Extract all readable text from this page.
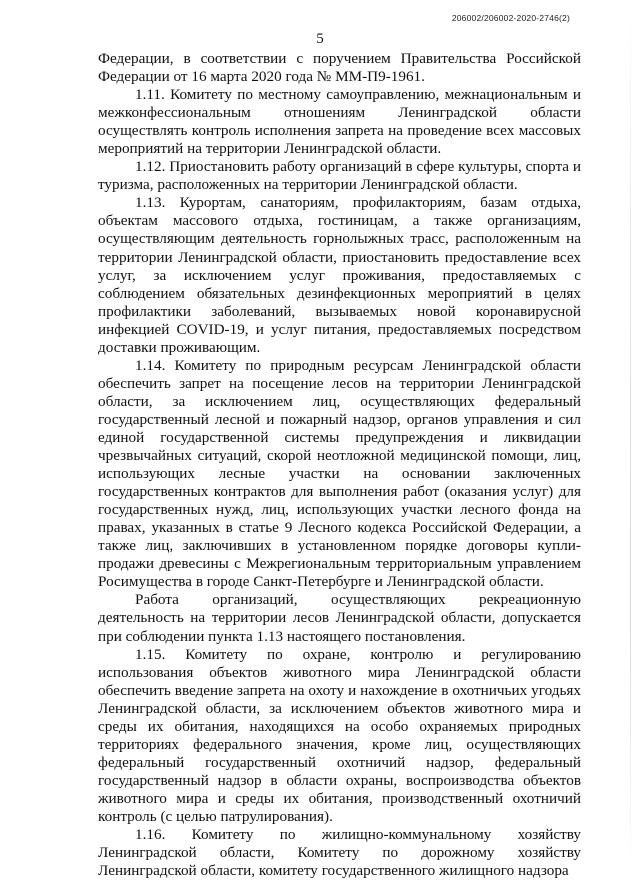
206002/206002-2020-2746(2)
5

Федерации, в соответствии с поручением Правительства Российской Федерации от 16 марта 2020 года № ММ-П9-1961.

1.11. Комитету по местному самоуправлению, межнациональным и межконфессиональным отношениям Ленинградской области осуществлять контроль исполнения запрета на проведение всех массовых мероприятий на территории Ленинградской области.

1.12. Приостановить работу организаций в сфере культуры, спорта и туризма, расположенных на территории Ленинградской области.

1.13. Курортам, санаториям, профилакториям, базам отдыха, объектам массового отдыха, гостиницам, а также организациям, осуществляющим деятельность горнолыжных трасс, расположенным на территории Ленинградской области, приостановить предоставление всех услуг, за исключением услуг проживания, предоставляемых с соблюдением обязательных дезинфекционных мероприятий в целях профилактики заболеваний, вызываемых новой коронавирусной инфекцией COVID-19, и услуг питания, предоставляемых посредством доставки проживающим.

1.14. Комитету по природным ресурсам Ленинградской области обеспечить запрет на посещение лесов на территории Ленинградской области, за исключением лиц, осуществляющих федеральный государственный лесной и пожарный надзор, органов управления и сил единой государственной системы предупреждения и ликвидации чрезвычайных ситуаций, скорой неотложной медицинской помощи, лиц, использующих лесные участки на основании заключенных государственных контрактов для выполнения работ (оказания услуг) для государственных нужд, лиц, использующих участки лесного фонда на правах, указанных в статье 9 Лесного кодекса Российской Федерации, а также лиц, заключивших в установленном порядке договоры купли-продажи древесины с Межрегиональным территориальным управлением Росимущества в городе Санкт-Петербурге и Ленинградской области.

Работа организаций, осуществляющих рекреационную деятельность на территории лесов Ленинградской области, допускается при соблюдении пункта 1.13 настоящего постановления.

1.15. Комитету по охране, контролю и регулированию использования объектов животного мира Ленинградской области обеспечить введение запрета на охоту и нахождение в охотничьих угодьях Ленинградской области, за исключением объектов животного мира и среды их обитания, находящихся на особо охраняемых природных территориях федерального значения, кроме лиц, осуществляющих федеральный государственный охотничий надзор, федеральный государственный надзор в области охраны, воспроизводства объектов животного мира и среды их обитания, производственный охотничий контроль (с целью патрулирования).

1.16. Комитету по жилищно-коммунальному хозяйству Ленинградской области, Комитету по дорожному хозяйству Ленинградской области, комитету государственного жилищного надзора
